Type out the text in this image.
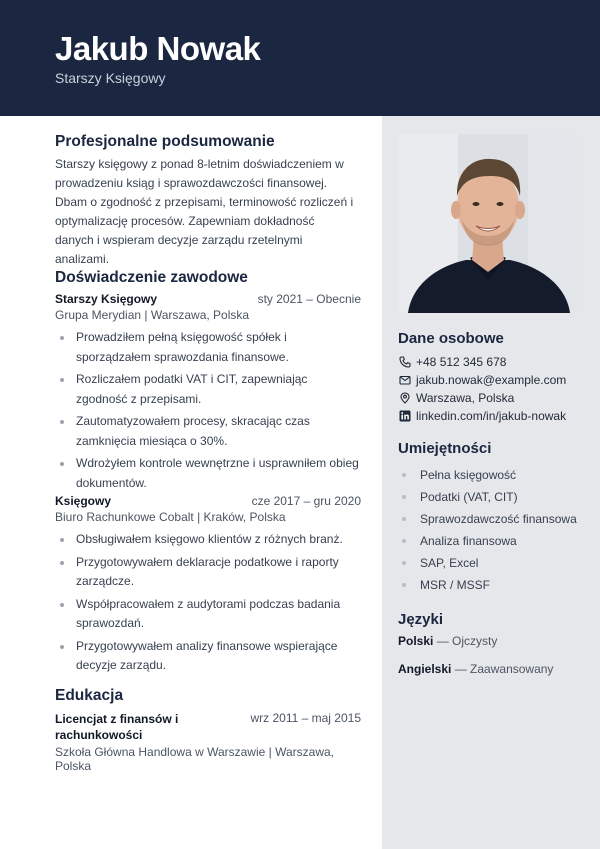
Jakub Nowak
Starszy Księgowy
Profesjonalne podsumowanie

Starszy księgowy z ponad 8-letnim doświadczeniem w prowadzeniu ksiąg i sprawozdawczości finansowej. Dbam o zgodność z przepisami, terminowość rozliczeń i optymalizację procesów. Zapewniam dokładność danych i wspieram decyzje zarządu rzetelnymi analizami.

Doświadczenie zawodowe
Starszy Księgowy	sty 2021 – Obecnie
Grupa Merydian | Warszawa, Polska
Prowadziłem pełną księgowość spółek i sporządzałem sprawozdania finansowe.
Rozliczałem podatki VAT i CIT, zapewniając zgodność z przepisami.
Zautomatyzowałem procesy, skracając czas zamknięcia miesiąca o 30%.
Wdrożyłem kontrole wewnętrzne i usprawniłem obieg dokumentów.
Księgowy	cze 2017 – gru 2020
Biuro Rachunkowe Cobalt | Kraków, Polska
Obsługiwałem księgowo klientów z różnych branż.
Przygotowywałem deklaracje podatkowe i raporty zarządcze.
Współpracowałem z audytorami podczas badania sprawozdań.
Przygotowywałem analizy finansowe wspierające decyzje zarządu.
Edukacja
Licencjat z finansów i rachunkowości
wrz 2011 – maj 2015
Szkoła Główna Handlowa w Warszawie | Warszawa, Polska
Dane osobowe
+48 512 345 678
jakub.nowak@example.com
Warszawa, Polska
linkedin.com/in/jakub-nowak
Umiejętności
Pełna księgowość
Podatki (VAT, CIT)
Sprawozdawczość finansowa
Analiza finansowa
SAP, Excel
MSR / MSSF
Języki
Polski — Ojczysty
Angielski — Zaawansowany
